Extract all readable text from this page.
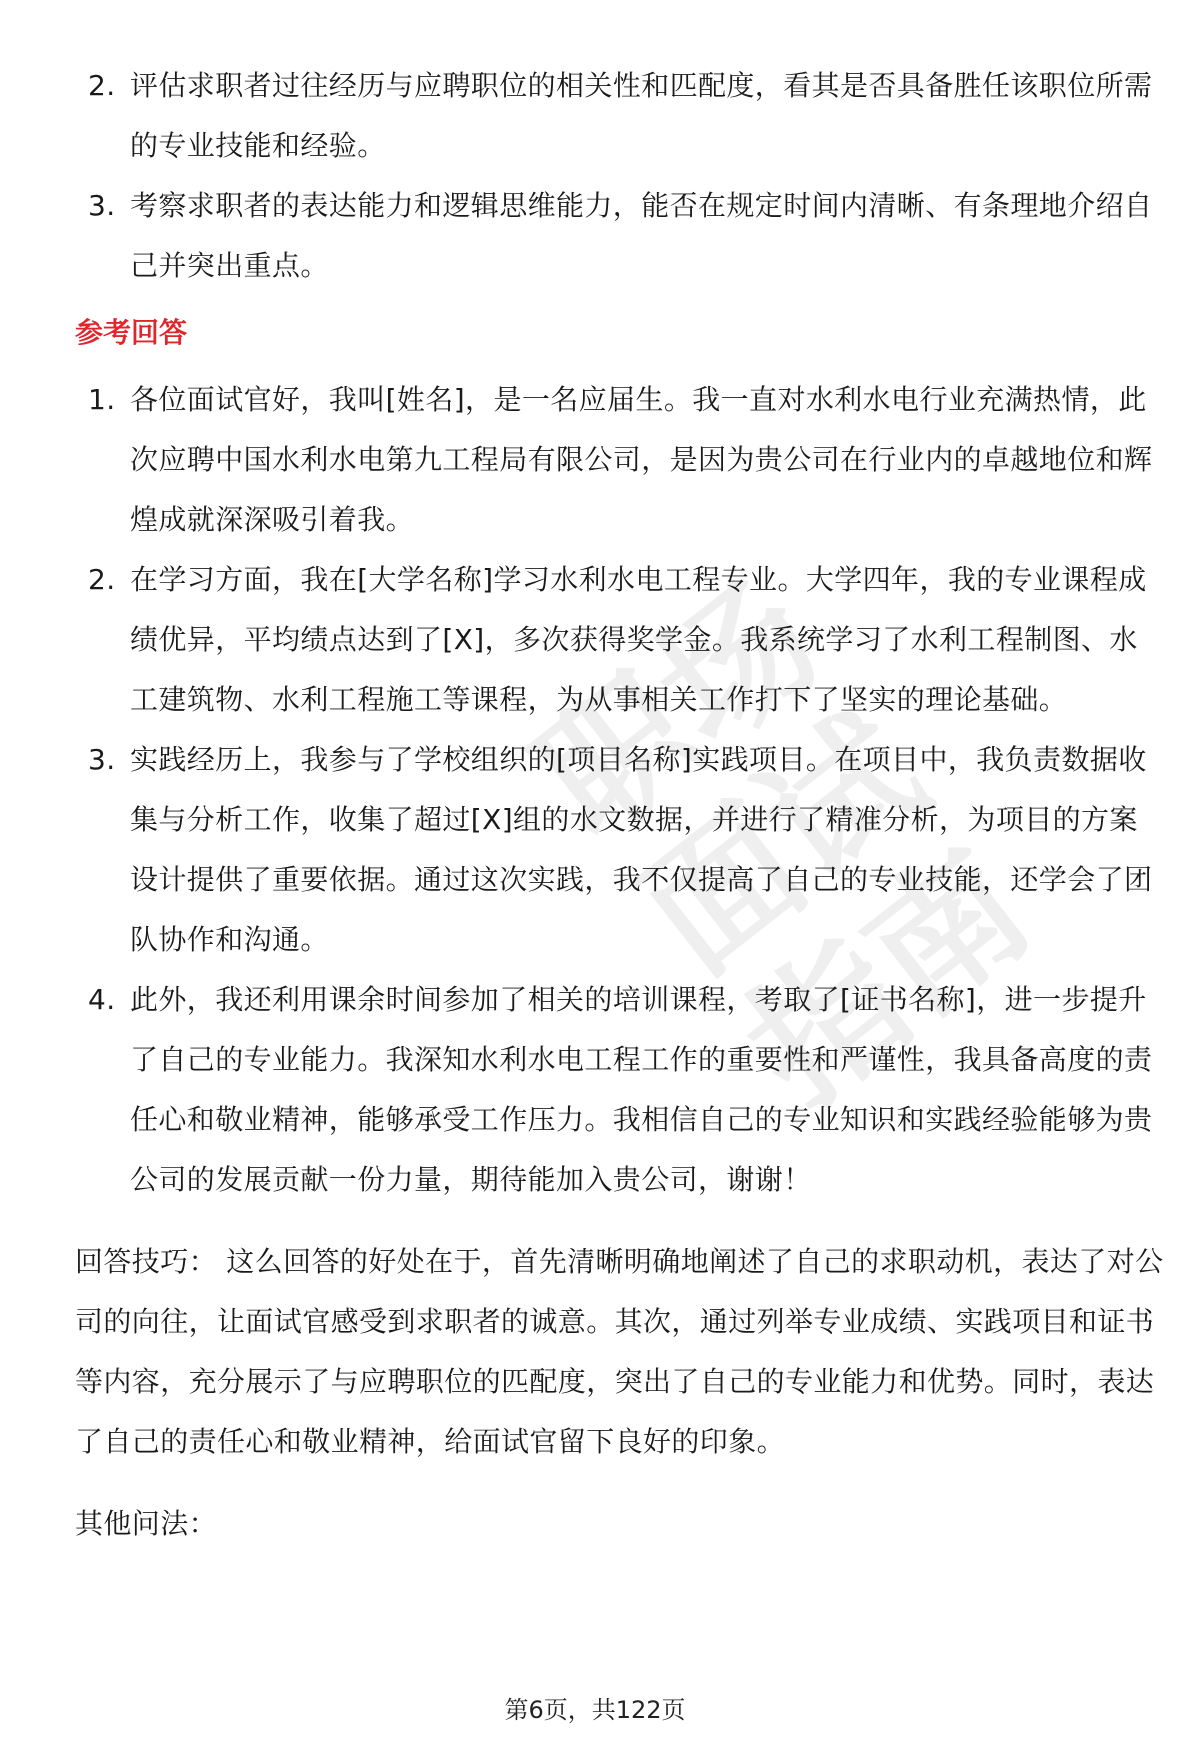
职
场
面
试
指
南
2. 评估求职者过往经历与应聘职位的相关性和匹配度，看其是否具备胜任该职位所需的专业技能和经验。
3. 考察求职者的表达能力和逻辑思维能力，能否在规定时间内清晰、有条理地介绍自己并突出重点。
参考回答
1. 各位面试官好，我叫[姓名]，是一名应届生。我一直对水利水电行业充满热情，此次应聘中国水利水电第九工程局有限公司，是因为贵公司在行业内的卓越地位和辉煌成就深深吸引着我。
2. 在学习方面，我在[大学名称]学习水利水电工程专业。大学四年，我的专业课程成绩优异，平均绩点达到了[X]，多次获得奖学金。我系统学习了水利工程制图、水工建筑物、水利工程施工等课程，为从事相关工作打下了坚实的理论基础。
3. 实践经历上，我参与了学校组织的[项目名称]实践项目。在项目中，我负责数据收集与分析工作，收集了超过[X]组的水文数据，并进行了精准分析，为项目的方案设计提供了重要依据。通过这次实践，我不仅提高了自己的专业技能，还学会了团队协作和沟通。
4. 此外，我还利用课余时间参加了相关的培训课程，考取了[证书名称]，进一步提升了自己的专业能力。我深知水利水电工程工作的重要性和严谨性，我具备高度的责任心和敬业精神，能够承受工作压力。我相信自己的专业知识和实践经验能够为贵公司的发展贡献一份力量，期待能加入贵公司，谢谢！

回答技巧： 这么回答的好处在于，首先清晰明确地阐述了自己的求职动机，表达了对公司的向往，让面试官感受到求职者的诚意。其次，通过列举专业成绩、实践项目和证书等内容，充分展示了与应聘职位的匹配度，突出了自己的专业能力和优势。同时，表达了自己的责任心和敬业精神，给面试官留下良好的印象。

其他问法：

第6页，共122页
